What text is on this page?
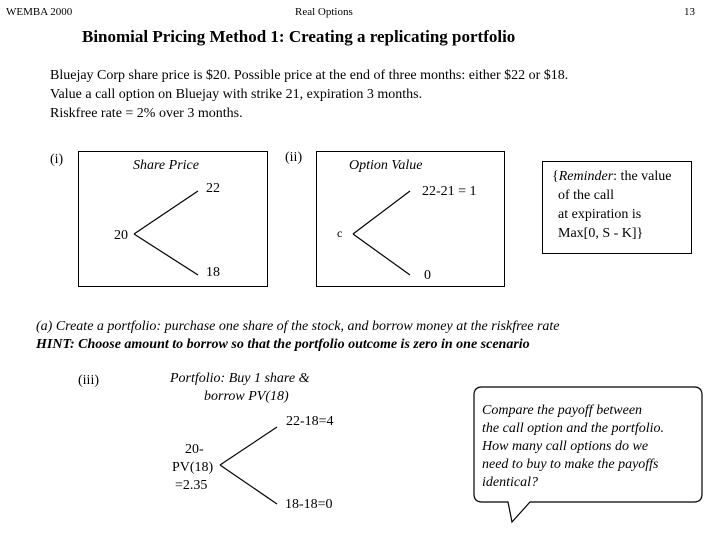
WEMBA 2000	Real Options	13
Binomial Pricing Method 1: Creating a replicating portfolio
Bluejay Corp share price is $20. Possible price at the end of three months: either $22 or $18.
Value a call option on Bluejay with strike 21, expiration 3 months.
Riskfree rate = 2% over 3 months.
(i)	Share Price
22
20
18
(ii)
Option Value
22-21 = 1
c
0
{Reminder: the value
of the call
at expiration is
Max[0, S - K]}
(a) Create a portfolio: purchase one share of the stock, and borrow money at the riskfree rate
HINT: Choose amount to borrow so that the portfolio outcome is zero in one scenario
(iii)	Portfolio: Buy 1 share &
borrow PV(18)
22-18=4
20-
PV(18)
=2.35
18-18=0
Compare the payoff between
the call option and the portfolio.
How many call options do we
need to buy to make the payoffs
identical?
